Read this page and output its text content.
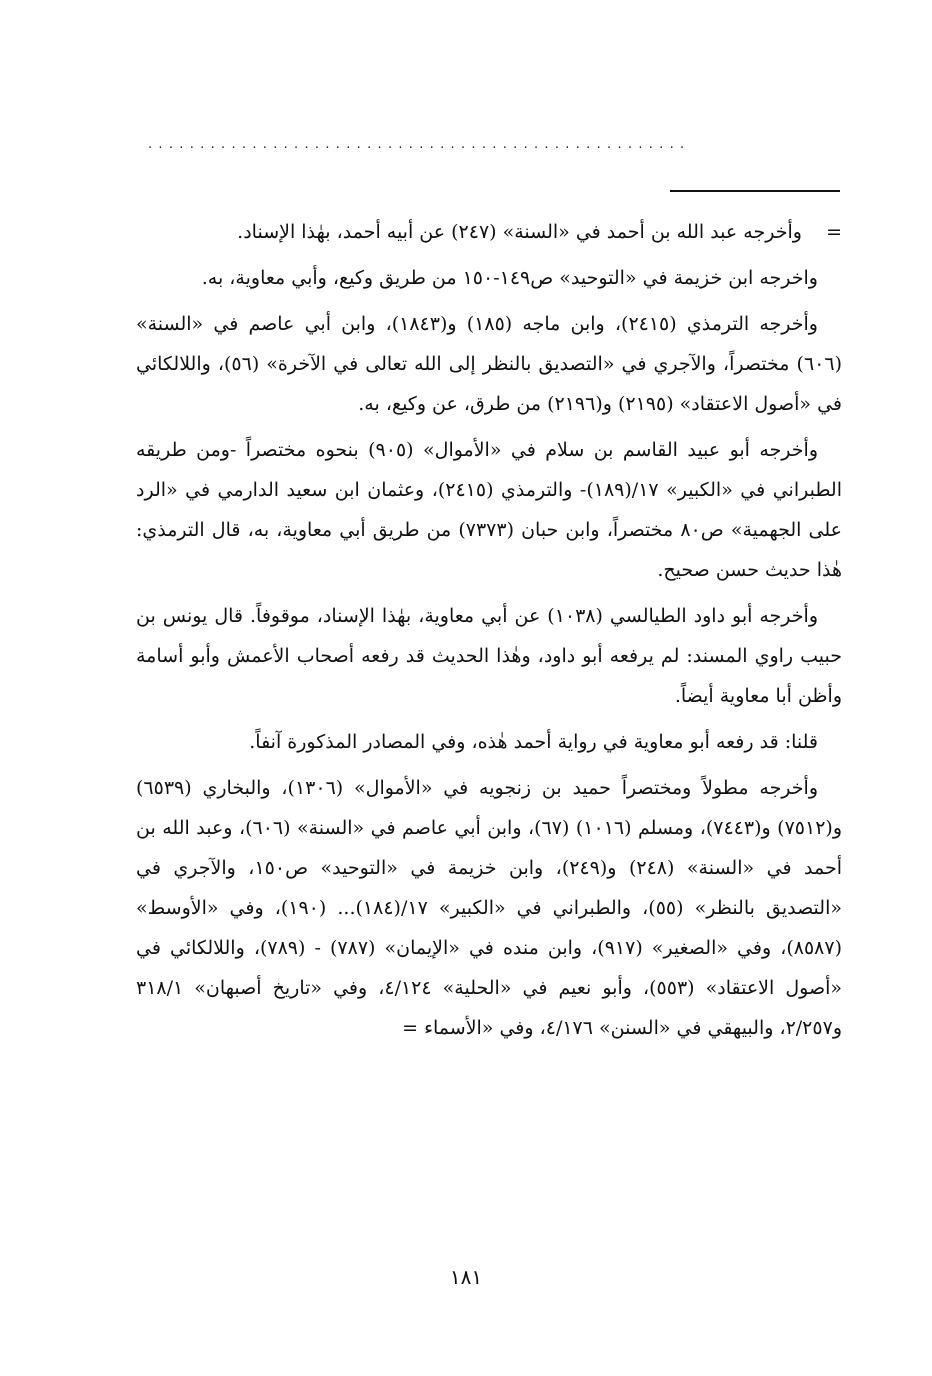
....................................................

=    وأخرجه عبد الله بن أحمد في «السنة» (٢٤٧) عن أبيه أحمد، بهٰذا الإسناد.

واخرجه ابن خزيمة في «التوحيد» ص١٤٩-١٥٠ من طريق وكيع، وأبي معاوية، به.

وأخرجه الترمذي (٢٤١٥)، وابن ماجه (١٨٥) و(١٨٤٣)، وابن أبي عاصم في «السنة» (٦٠٦) مختصراً، والآجري في «التصديق بالنظر إلى الله تعالى في الآخرة» (٥٦)، واللالكائي في «أصول الاعتقاد» (٢١٩٥) و(٢١٩٦) من طرق، عن وكيع، به.

وأخرجه أبو عبيد القاسم بن سلام في «الأموال» (٩٠٥) بنحوه مختصراً -ومن طريقه الطبراني في «الكبير» ١٧/(١٨٩)- والترمذي (٢٤١٥)، وعثمان ابن سعيد الدارمي في «الرد على الجهمية» ص٨٠ مختصراً، وابن حبان (٧٣٧٣) من طريق أبي معاوية، به، قال الترمذي: هٰذا حديث حسن صحيح.

وأخرجه أبو داود الطيالسي (١٠٣٨) عن أبي معاوية، بهٰذا الإسناد، موقوفاً. قال يونس بن حبيب راوي المسند: لم يرفعه أبو داود، وهٰذا الحديث قد رفعه أصحاب الأعمش وأبو أسامة وأظن أبا معاوية أيضاً.

قلنا: قد رفعه أبو معاوية في رواية أحمد هٰذه، وفي المصادر المذكورة آنفاً.

وأخرجه مطولاً ومختصراً حميد بن زنجويه في «الأموال» (١٣٠٦)، والبخاري (٦٥٣٩) و(٧٥١٢) و(٧٤٤٣)، ومسلم (١٠١٦) (٦٧)، وابن أبي عاصم في «السنة» (٦٠٦)، وعبد الله بن أحمد في «السنة» (٢٤٨) و(٢٤٩)، وابن خزيمة في «التوحيد» ص١٥٠، والآجري في «التصديق بالنظر» (٥٥)، والطبراني في «الكبير» ١٧/(١٨٤)... (١٩٠)، وفي «الأوسط» (٨٥٨٧)، وفي «الصغير» (٩١٧)، وابن منده في «الإيمان» (٧٨٧) - (٧٨٩)، واللالكائي في «أصول الاعتقاد» (٥٥٣)، وأبو نعيم في «الحلية» ٤/١٢٤، وفي «تاريخ أصبهان» ٣١٨/١ و٢/٢٥٧، والبيهقي في «السنن» ٤/١٧٦، وفي «الأسماء =

١٨١
